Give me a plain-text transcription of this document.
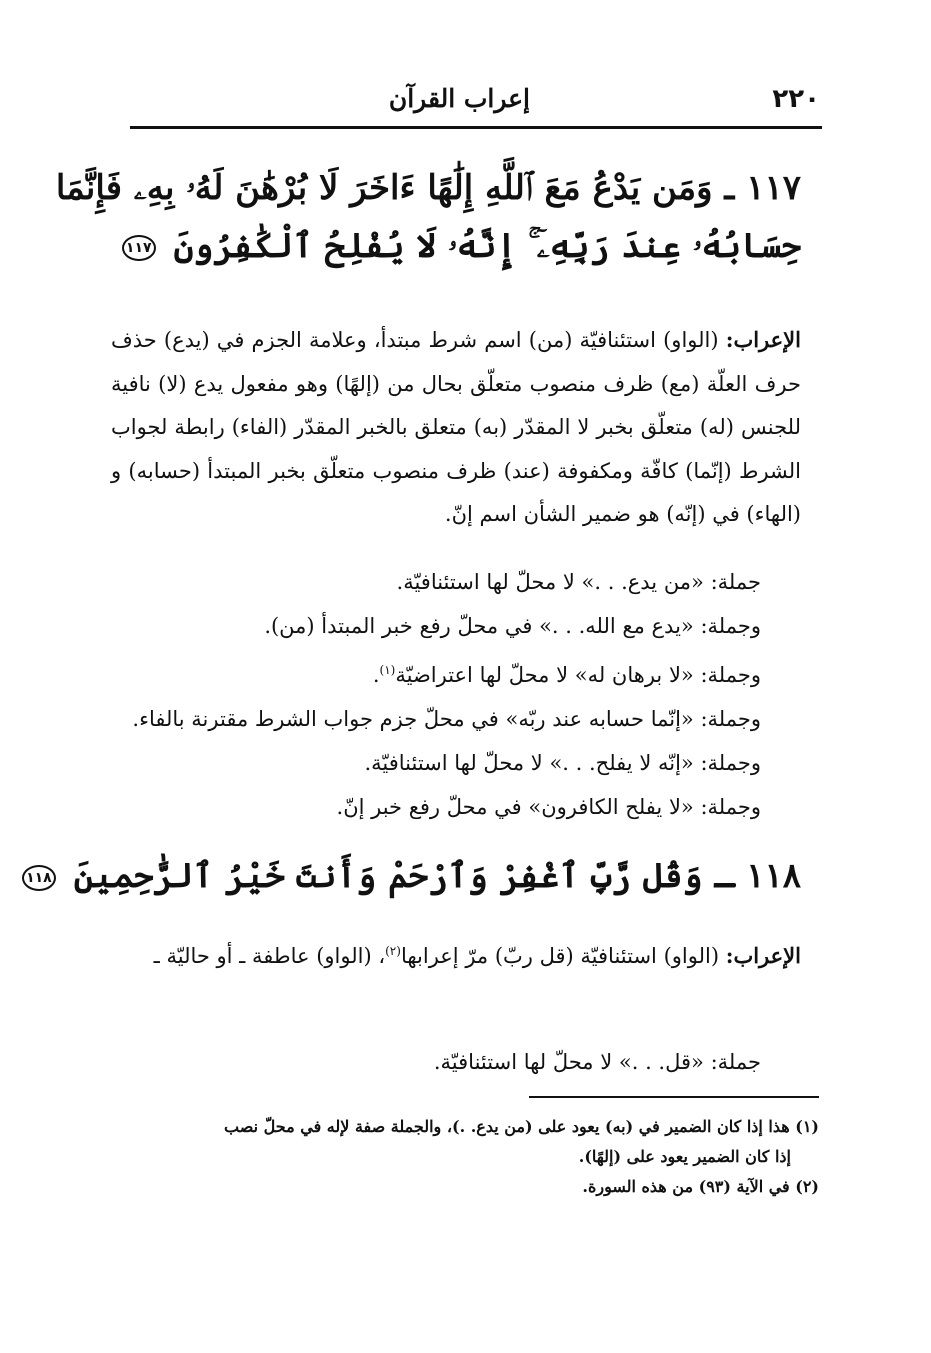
٢٢٠
إعراب القرآن
١١٧ ـ وَمَن يَدْعُ مَعَ ٱللَّهِ إِلَٰهًا ءَاخَرَ لَا بُرْهَٰنَ لَهُۥ بِهِۦ فَإِنَّمَا
حِسَابُهُۥ عِندَ رَبِّهِۦٓ ۚ إِنَّهُۥ لَا يُفْلِحُ ٱلْكَٰفِرُونَ ١١٧
الإعراب: (الواو) استئنافيّة (من) اسم شرط مبتدأ، وعلامة الجزم في (يدع) حذف حرف العلّة (مع) ظرف منصوب متعلّق بحال من (إلهًا) وهو مفعول يدع (لا) نافية للجنس (له) متعلّق بخبر لا المقدّر (به) متعلق بالخبر المقدّر (الفاء) رابطة لجواب الشرط (إنّما) كافّة ومكفوفة (عند) ظرف منصوب متعلّق بخبر المبتدأ (حسابه) و (الهاء) في (إنّه) هو ضمير الشأن اسم إنّ.
جملة: «من يدع. . .» لا محلّ لها استئنافيّة.
وجملة: «يدع مع الله. . .» في محلّ رفع خبر المبتدأ (من).
وجملة: «لا برهان له» لا محلّ لها اعتراضيّة$^{(١)}$.
وجملة: «إنّما حسابه عند ربّه» في محلّ جزم جواب الشرط مقترنة بالفاء.
وجملة: «إنّه لا يفلح. . .» لا محلّ لها استئنافيّة.
وجملة: «لا يفلح الكافرون» في محلّ رفع خبر إنّ.
١١٨ ـ وَقُل رَّبِّ ٱغْفِرْ وَٱرْحَمْ وَأَنتَ خَيْرُ ٱلرَّٰحِمِينَ ١١٨
الإعراب: (الواو) استئنافيّة (قل ربّ) مرّ إعرابها$^{(٢)}$، (الواو) عاطفة ـ أو حاليّة ـ
جملة: «قل. . .» لا محلّ لها استئنافيّة.
(١) هذا إذا كان الضمير في (به) يعود على (من يدع. .)، والجملة صفة لإله في محلّ نصب
إذا كان الضمير يعود على (إلهًا).
(٢) في الآية (٩٣) من هذه السورة.
